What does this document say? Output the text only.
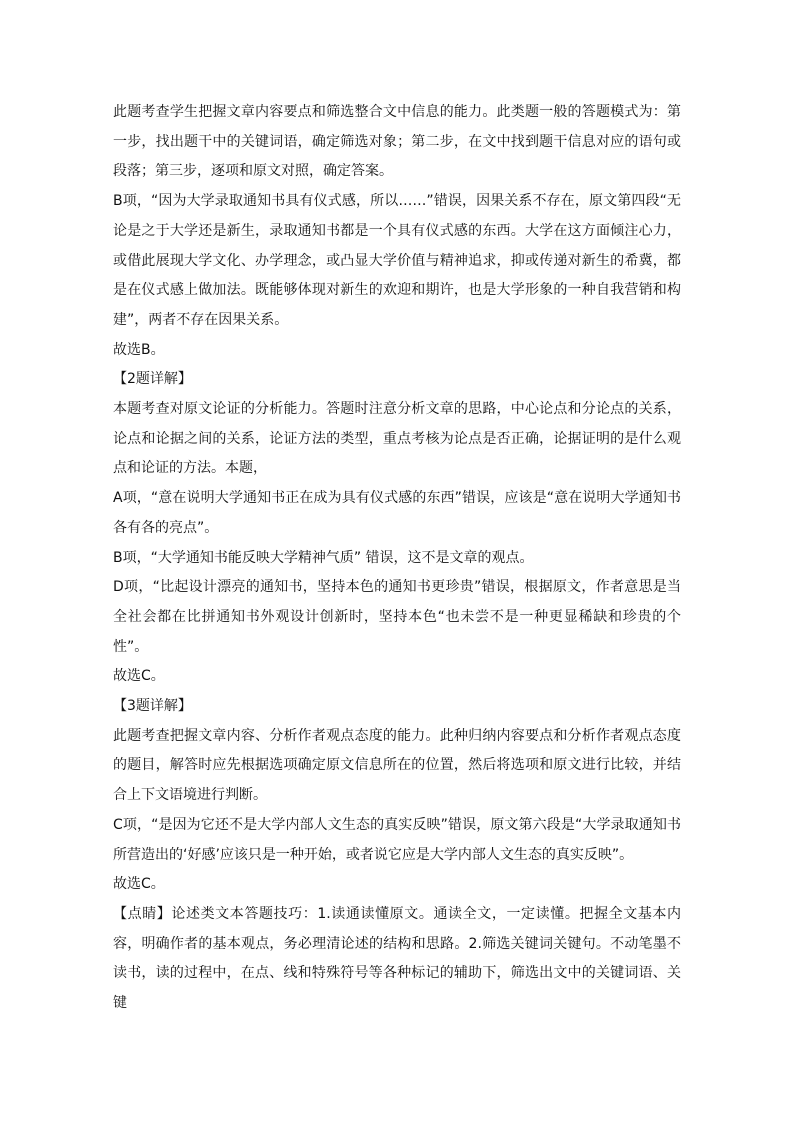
此题考查学生把握文章内容要点和筛选整合文中信息的能力。此类题一般的答题模式为：第一步，找出题干中的关键词语，确定筛选对象；第二步，在文中找到题干信息对应的语句或段落；第三步，逐项和原文对照，确定答案。

B项，“因为大学录取通知书具有仪式感，所以……”错误，因果关系不存在，原文第四段“无论是之于大学还是新生，录取通知书都是一个具有仪式感的东西。大学在这方面倾注心力，或借此展现大学文化、办学理念，或凸显大学价值与精神追求，抑或传递对新生的希冀，都是在仪式感上做加法。既能够体现对新生的欢迎和期许，也是大学形象的一种自我营销和构建”，两者不存在因果关系。

故选B。

【2题详解】

本题考查对原文论证的分析能力。答题时注意分析文章的思路，中心论点和分论点的关系，论点和论据之间的关系，论证方法的类型，重点考核为论点是否正确，论据证明的是什么观点和论证的方法。本题，

A项，“意在说明大学通知书正在成为具有仪式感的东西”错误，应该是“意在说明大学通知书各有各的亮点”。

B项，“大学通知书能反映大学精神气质” 错误，这不是文章的观点。

D项，“比起设计漂亮的通知书，坚持本色的通知书更珍贵”错误，根据原文，作者意思是当全社会都在比拼通知书外观设计创新时，坚持本色“也未尝不是一种更显稀缺和珍贵的个性”。

故选C。

【3题详解】

此题考查把握文章内容、分析作者观点态度的能力。此种归纳内容要点和分析作者观点态度的题目，解答时应先根据选项确定原文信息所在的位置，然后将选项和原文进行比较，并结合上下文语境进行判断。

C项，“是因为它还不是大学内部人文生态的真实反映”错误，原文第六段是“大学录取通知书所营造出的‘好感’应该只是一种开始，或者说它应是大学内部人文生态的真实反映”。

故选C。

【点睛】论述类文本答题技巧：1.读通读懂原文。通读全文，一定读懂。把握全文基本内容，明确作者的基本观点，务必理清论述的结构和思路。2.筛选关键词关键句。不动笔墨不读书，读的过程中，在点、线和特殊符号等各种标记的辅助下，筛选出文中的关键词语、关键
